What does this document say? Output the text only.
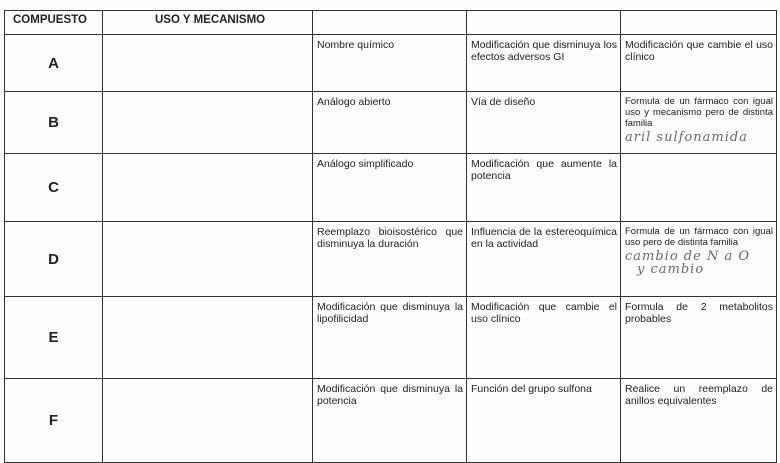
COMPUESTO	USO Y MECANISMO			
A		Nombre químico	Modificación que disminuya los efectos adversos GI	Modificación que cambie el uso clínico
B		Análogo abierto	Vía de diseño	Formula de un fármaco con igual uso y mecanismo pero de distinta familia
aril sulfonamida

C		Análogo simplificado	Modificación que aumente la potencia	
D		Reemplazo bioisostérico que disminuya la duración	Influencia de la estereoquímica en la actividad	Formula de un fármaco con igual uso pero de distinta familia
cambio de N a O
y cambio

E		Modificación que disminuya la lipofilicidad	Modificación que cambie el uso clínico	Formula de 2 metabolitos probables
F		Modificación que disminuya la potencia	Función del grupo sulfona	Realice un reemplazo de anillos equivalentes
